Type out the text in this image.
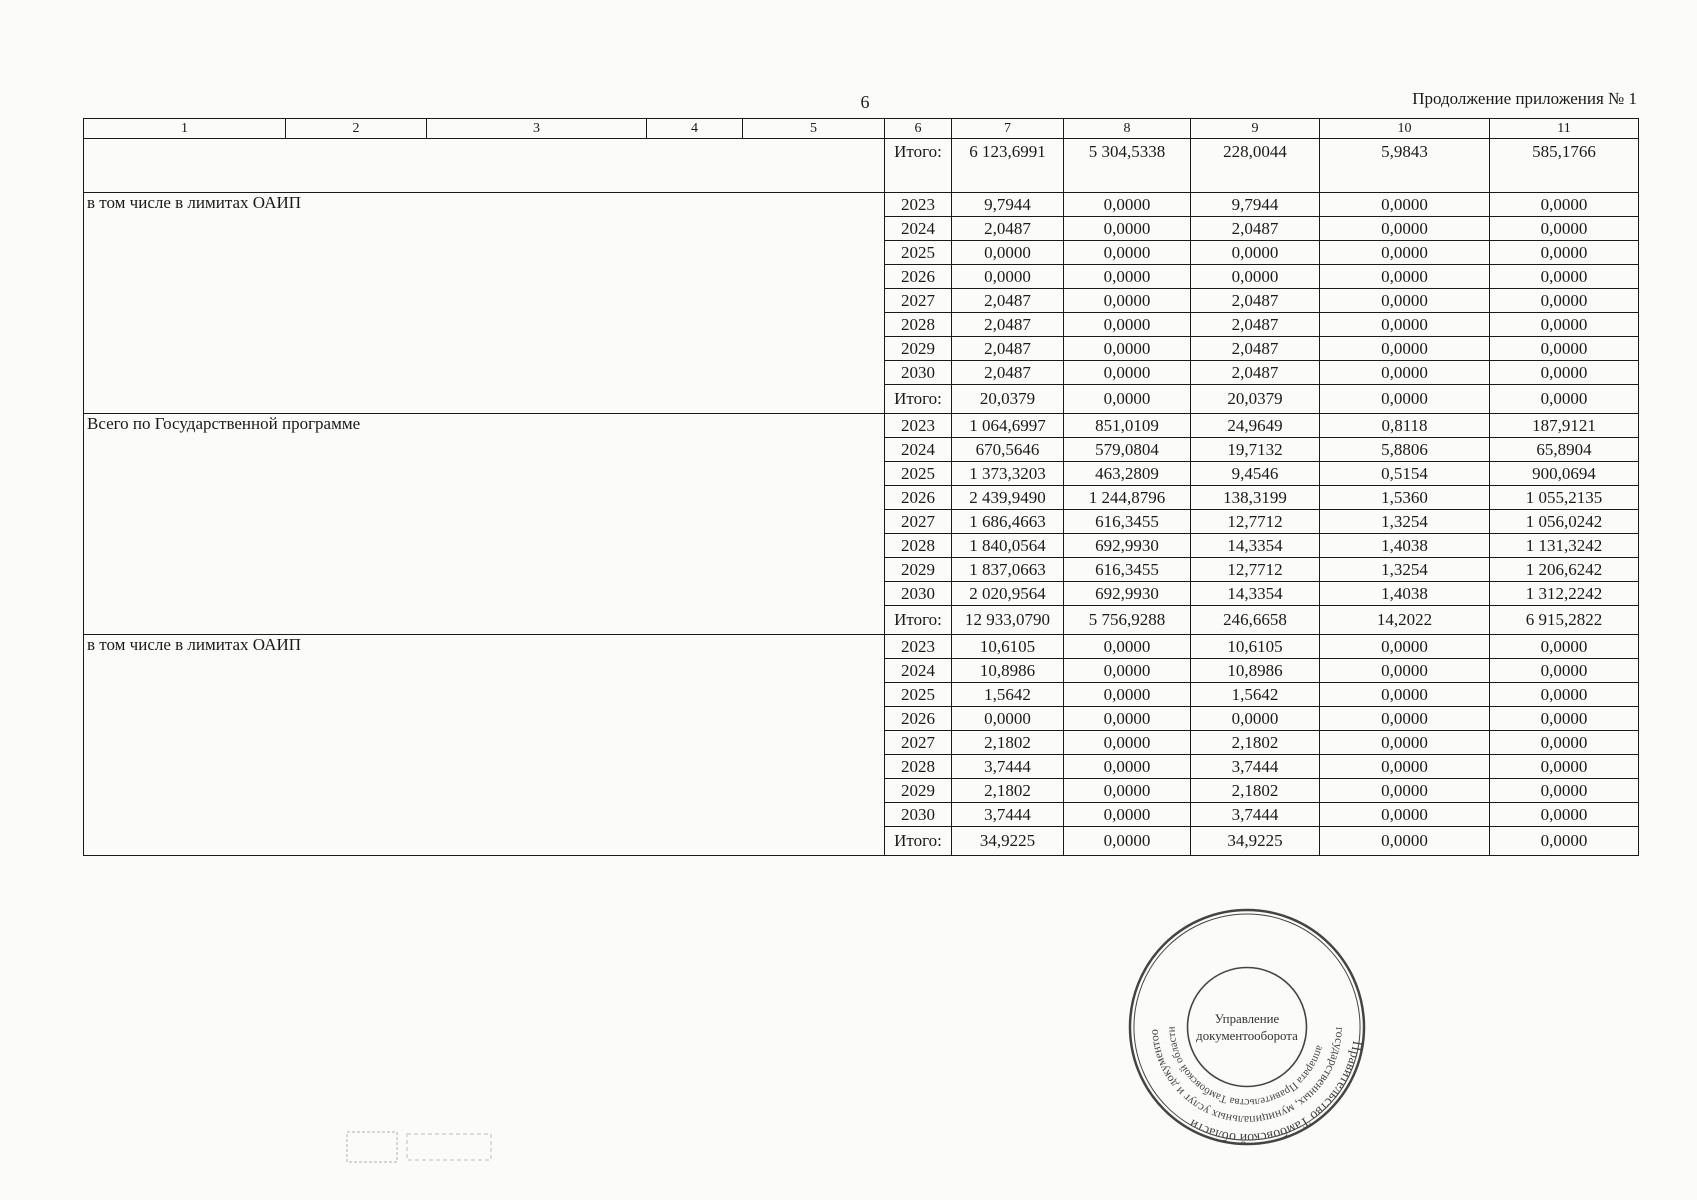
6	Продолжение приложения № 1
1	2	3	4	5	6	7	8	9	10	11
					Итого:	6 123,6991	5 304,5338	228,0044	5,9843	585,1766
в том числе в лимитах ОАИП					2023	9,7944	0,0000	9,7944	0,0000	0,0000
					2024	2,0487	0,0000	2,0487	0,0000	0,0000
					2025	0,0000	0,0000	0,0000	0,0000	0,0000
					2026	0,0000	0,0000	0,0000	0,0000	0,0000
					2027	2,0487	0,0000	2,0487	0,0000	0,0000
					2028	2,0487	0,0000	2,0487	0,0000	0,0000
					2029	2,0487	0,0000	2,0487	0,0000	0,0000
					2030	2,0487	0,0000	2,0487	0,0000	0,0000
					Итого:	20,0379	0,0000	20,0379	0,0000	0,0000
Всего по Государственной программе					2023	1 064,6997	851,0109	24,9649	0,8118	187,9121
					2024	670,5646	579,0804	19,7132	5,8806	65,8904
					2025	1 373,3203	463,2809	9,4546	0,5154	900,0694
					2026	2 439,9490	1 244,8796	138,3199	1,5360	1 055,2135
					2027	1 686,4663	616,3455	12,7712	1,3254	1 056,0242
					2028	1 840,0564	692,9930	14,3354	1,4038	1 131,3242
					2029	1 837,0663	616,3455	12,7712	1,3254	1 206,6242
					2030	2 020,9564	692,9930	14,3354	1,4038	1 312,2242
					Итого:	12 933,0790	5 756,9288	246,6658	14,2022	6 915,2822
в том числе в лимитах ОАИП					2023	10,6105	0,0000	10,6105	0,0000	0,0000
					2024	10,8986	0,0000	10,8986	0,0000	0,0000
					2025	1,5642	0,0000	1,5642	0,0000	0,0000
					2026	0,0000	0,0000	0,0000	0,0000	0,0000
					2027	2,1802	0,0000	2,1802	0,0000	0,0000
					2028	3,7444	0,0000	3,7444	0,0000	0,0000
					2029	2,1802	0,0000	2,1802	0,0000	0,0000
					2030	3,7444	0,0000	3,7444	0,0000	0,0000
					Итого:	34,9225	0,0000	34,9225	0,0000	0,0000
Правительство Тамбовской области
государственных, муниципальных услуг и документоо
аппарата Правительства Тамбовской области
Управление
документооборота
